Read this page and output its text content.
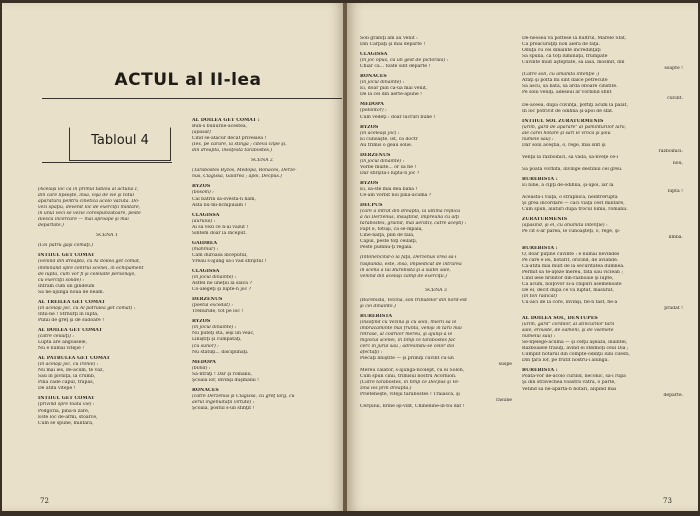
ACTUL al II-lea
Tabloul 4
(Acelaşi loc ca în primul tablou al actului I,
din care lipseşte, însă, vişa de vie şi totul
aparatura pentru cinetică acolo văzută. Do-
vezi spaţiu, devenit loc de exerciţii militare,
în unul veci se vezie corespunzătoare, peste
Iliescu incercare — mai aproape şi mai
depărtate.)
SCENA 1
(Cei pătru găşi comaţi.)
INTIIUL GET COMAT
(venind din dreapta, cu Al doilea get comat,
îmminând spre centrul scenei, în echipament
de luptă, cum vor fi şi celelalte personaje,
cu exerciţii solide) :
Intrăm cum un gindeum
Să ne-ajungă nouă de neam.
AL TREILEA GET COMAT
(în acelaşi joc, cu Al patrulea get comat) :
Intîi-ne ! Strnutţi în luptă,
Plînii de greţ şi de sudoare !
AL DOILEA GET COMAT
(către ceilalţi) :
Lupta are angoasele,
Nu e numai vitejie !
AL PATRULEA GET COMAT
(în acelaşi joc, cu ironie) :
Nu mai ies, de-acum, te văz,
Sau în pivniţă, la crumb,
Pînă cade capul, trapăs,
De atîta vitejie !
INTIIUL GET COMAT
(privind spre toată vie) :
Podgoria, pînă-n zare,
Este loc de-armi, stoarce,
Cum se spune, militară,
AL DOILEA GET COMAT :
Bun-s bunurile-acestea,
(apăsat)
Cînd se-atacur decât privesiea !
(Ies, pe cărare, la stînga ; cîteva clipe şi,
din dreapta, însoţestă tarabostes.)
SCENA 2
(Tarabostes Byzos, Medopa, Ronaces, Derze-
nus, Clagissa, Gaidrea ; apoi, Decpus.)
BYZOS
(bosom) :
Cal bătrîn să-ovestă-n ham,
Asta nu-mi-nchipuiam !
CLAGISSA
(aurului) :
Ai să vezi ce n-ai văzut !
Sintem doar la început.
GAIDREA
(mahmur) :
Cam duroasă începutul,
Vreau s-ajung să-i văd sfîrşitul !
CLAGISSA
(în jocul dinainte) :
Astfel ne uneţiu la slavă ?
Co-alegeţi şi lupte-n joc ?
DERZENUS
(poetul excedat) :
Treburide, tot pe loc !
BYZOS
(în jocul dinainte) :
Nu puteţi sta, ieşi un veac,
Liniştiţi şi cumpătaţi,
(cu sunor) :
Nu stătuţi... disciplinaţi.
MEDOPA
(blînd) :
Să-ntrăţi ! Dar şi romanii,
Şcoala lor, învinşi duşmanii !
RONACES
(către Derzenus şi Clagissa, cu greţ larg, cu
aerul ingenuităţii virtute) :
Şcoala, postul s-un sfînţit !
72
Soli grăbiţi am au venit :
Din Carpaţi şi mai departe !
CLAGISSA
(în joc opus, cu un gest de pictorală) :
Chiar că... toate sînt departe !
RONACES
(în jocul dinainte) :
Ei, doar pîin că-ua mai venit,
De la cei din aerte-apune !
MEDOPA
(potolitor) :
Cum vedeţi : doar lucruri bune !
BYZOS
(în aceleaşi joc) :
Ei cunoaşte, ist, că doctr
Au trimis o geau solie.
DERZENUS
(în jocul dinainte) :
Vorbe multe... or să fie !
Dar sfîrşită-i lupta-n joc ?
BYZOS
Ei, să-ste mai dea bana !
Ce-am vorbit noi pînă-acuma ?
DECPUS
(care a intrat din dreapta, la ultima replică
a lui Derzenus, însuştind, împreună cu alţi
tarabostes, grăind, mai aerativ, către aceşti) :
Fapt e, totuşi, că se-mpală,
Cine-nalţă, plin de fală,
Capul, peste toţi ceilalţi,
Peste pumnu-ţi regală.
(Intonencînd-o la faţă, Derzenus vrea să-i
răspundă, este, însă, împiedicat de intrarea
în scenă a lui Burebista şi a suitei sale,
venind din acelaşi câmp de exerciţii.)
SCENA 3
(Burebista, Vezina, soli tributelor din nord-est
şi cei dinainte.)
BUREBISTA
(însoţind cu Vezina şi cu solii, mierii să le
îmbrăcăminte mai fruntă, venişi în tării mai
retrase, al codrilor mereu, şi ajunşi-a le
mijlocul scenei, în timp ce tarabostes fac
cerc în jurul său ; adresîndu-se celor doi
afectaţi) :
Plecaţi liniştite — şi primiţi cuvînt cu-un
suspe
Mereu călător, s-ajungă-ncolept, cu ei Solon,
Cum spun cînii, trimisul nostru Acornion.
(Către tarabostes, în timp ce Decpus şi Ve-
zina ies prin dreapta.)
Prieteneşte, vitejii tarabostes ! Trăiască, şi
răsune
Cerşului, brîne îşi-vînt, Chihenine-in-toi dat !
De-neosea vă poftese la hultrul, Marele Sfat,
Ca preacurăţiţi noli aiera de faţă.
Oduţă cu cei dinainte încredinţaţi
Să spună, ca toţi luminaţii, frumpate
Cuvinte mult aşteptate, să iasă, mosmit, din
soapte !
(Către soli, cu amănită intenţie :)
Arăţi şi poftă mi sînt dalce petrecute
Să ascu, să bată, să ardă oboare cinstite.
Pe solii veniţi, adeseul ar vorbind sfînt
cuvînt.
De-aceea, după cuvinţă, poftiţi acum la palat,
În loc potrivit de odihnă şi-apoi de sfat.
INTIIUL SOL ZURATURMENIS
(urim, gard de apărare" al păminturilor lării,
ale cărei hotare şi sări le vrocă şi şoiu
numele său) :
Dar solii aceştia, o, rege, mai sînt şi
războinici.
Venţii la războinici, să vadă, să-nveţe ce-i
nou,
Să poată vorbită, învinge destinul cel greu.
BUREBISTA :
Ei bine, a cîpţi de-odihnă, şi-apoi, iar la
luptă !
Aceasta-i viaţa, o străpnică, neîntreruptă
Şi grea încordare — căci viaţa cest militare,
Cum spun, alături după trocul lumii, romanii.
ZURATURMENIS
(apăsînd, şi el, cu anumită intenţie) :
Pe cit s-ar părea, le cunoaşteţi, o, rege, şi-
limba.
BUREBISTA :
O, doar puţine cuvinte : e numai nevindes
Pe care e iei, hotarit, oricînd, de aviande.
Ca-atîta mai mult de la securitatea dumnea.
Permit să te-aţeze mereu, fătă sau viclean ;
Cînd iese hrinitor din-războaie şi lupte,
Ca acum, noiţovor si-a chipuri asemenoate
De el, decît după ce va luptat, măsurat,
(în ton radicat)
Cu-aici de la core, învinşi, fie-n fast, fie-a
pradat !
AL DOILEA SOL, DENTUPES
(urim, gard" cordilor, al atincurilor tării
sale, erouste, de oameni, şi de vsemete
numelui său) :
Se-nţelege-acuma — şi celţii aşează, înaintei,
Războaiele trăiuţi, avînd ei stelmoţi ceul Dia ;
Cumplit hotarul din compte-odinţii luni cilesti,
Din ţara lor, pe frutit nostru-i alungă.
BUREBISTA :
Poată-vor de-acolo curînd, neconic, să-i rupă
Şi din străvechea voastră vatră, o parte,
Vetind să ne-apartă-n hotărî, alipind mai
departe.
73
